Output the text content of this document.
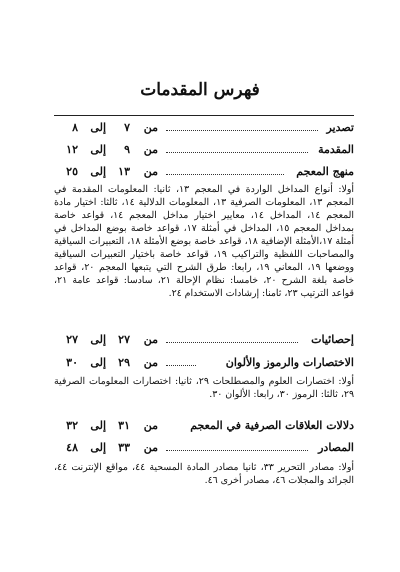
فهرس المقدمات
تصدير
من
٧
إلى
٨
المقدمة
من
٩
إلى
١٢
منهج المعجم
من
١٣
إلى
٢٥
أولا: أنواع المداخل الواردة في المعجم ١٣، ثانيا: المعلومات المقدمة في المعجم ١٣، المعلومات الصرفية ١٣، المعلومات الدلالية ١٤، ثالثا: اختيار مادة المعجم ١٤، المداخل ١٤، معايير اختيار مداخل المعجم ١٤، قواعد خاصة بمداخل المعجم ١٥، المداخل في أمثلة ١٧، قواعد خاصة بوضع المداخل في أمثلة ١٧،الأمثلة الإضافية ١٨، قواعد خاصة بوضع الأمثلة ١٨، التعبيرات السياقية والمصاحبات اللفظية والتراكيب ١٩، قواعد خاصة باختيار التعبيرات السياقية ووضعها ١٩، المعاني ١٩، رابعا: طرق الشرح التي يتبعها المعجم ٢٠، قواعد خاصة بلغة الشرح ٢٠، خامسا: نظام الإحالة ٢١، سادسا: قواعد عامة ٢١، قواعد الترتيب ٢٣، ثامنا: إرشادات الاستخدام ٢٤.
إحصائيات
من
٢٧
إلى
٢٧
الاختصارات والرموز والألوان
من
٢٩
إلى
٣٠
أولا: اختصارات العلوم والمصطلحات ٢٩، ثانيا: اختصارات المعلومات الصرفية ٢٩، ثالثا: الرموز ٣٠، رابعا: الألوان ٣٠.
دلالات العلاقات الصرفية في المعجم
من
٣١
إلى
٣٢
المصادر
من
٣٣
إلى
٤٨
أولا: مصادر التحرير ٣٣، ثانيا مصادر المادة المسحية ٤٤، مواقع الإنترنت ٤٤، الجرائد والمجلات ٤٦، مصادر أخرى ٤٦.
